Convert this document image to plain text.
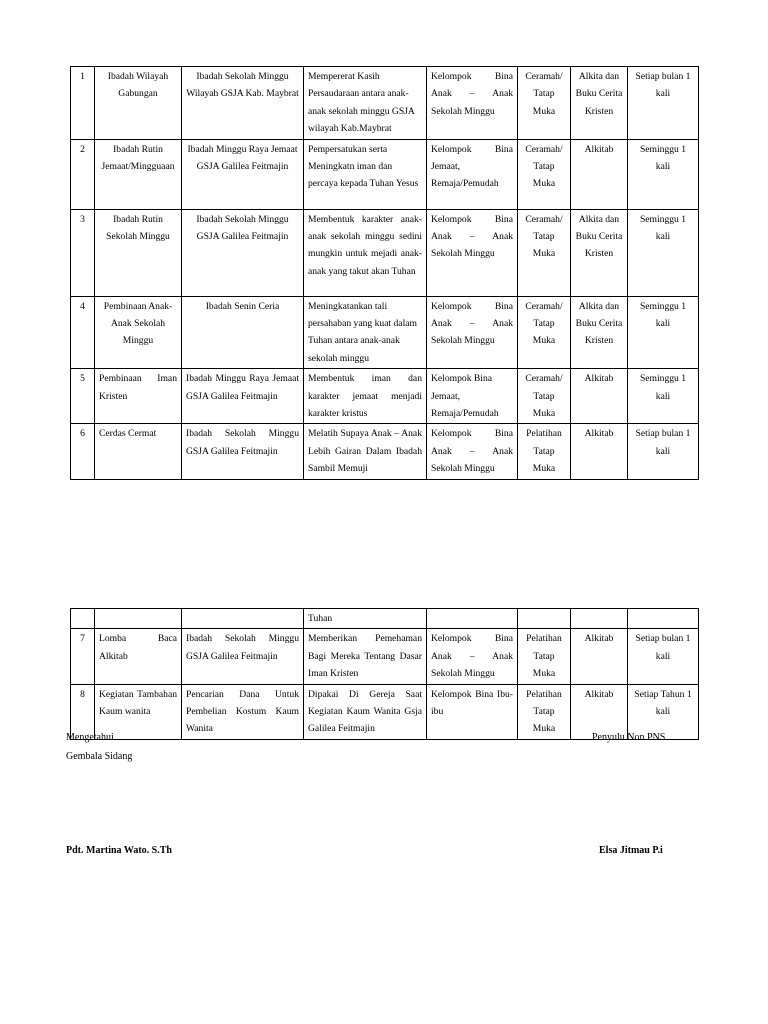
1	Ibadah Wilayah Gabungan	Ibadah Sekolah Minggu Wilayah GSJA Kab. Maybrat	Mempererat Kasih Persaudaraan antara anak-anak sekolah minggu GSJA wilayah Kab.Maybrat	Kelompok Bina Anak – Anak Sekolah Minggu	Ceramah/ Tatap Muka	Alkita dan Buku Cerita Kristen	Setiap bulan 1 kali
2	Ibadah Rutin Jemaat/Mingguaan	Ibadah Minggu Raya Jemaat GSJA Galilea Feitmajin	Pempersatukan serta Meningkatn iman dan percaya kepada Tuhan Yesus	Kelompok Bina Jemaat, Remaja/Pemudah	Ceramah/ Tatap Muka	Alkitab	Seminggu 1 kali
3	Ibadah Rutin Sekolah Minggu	Ibadah Sekolah Minggu GSJA Galilea Feitmajin	Membentuk karakter anak-anak sekolah minggu sedini mungkin untuk mejadi anak-anak yang takut akan Tuhan	Kelompok Bina Anak – Anak Sekolah Minggu	Ceramah/ Tatap Muka	Alkita dan Buku Cerita Kristen	Seminggu 1 kali
4	Pembinaan Anak-Anak Sekolah Minggu	Ibadah Senin Ceria	Meningkatankan tali persahaban yang kuat dalam Tuhan antara anak-anak sekolah minggu	Kelompok Bina Anak – Anak Sekolah Minggu	Ceramah/ Tatap Muka	Alkita dan Buku Cerita Kristen	Seminggu 1 kali
5	Pembinaan Iman Kristen	Ibadah Minggu Raya Jemaat GSJA Galilea Feitmajin	Membentuk iman dan karakter jemaat menjadi karakter kristus	Kelompok Bina Jemaat, Remaja/Pemudah	Ceramah/ Tatap Muka	Alkitab	Seminggu 1 kali
6	Cerdas Cermat	Ibadah Sekolah Minggu GSJA Galilea Feitmajin	Melatih Supaya Anak – Anak Lebih Gairan Dalam Ibadah Sambil Memuji	Kelompok Bina Anak – Anak Sekolah Minggu	Pelatihan Tatap Muka	Alkitab	Setiap bulan 1 kali
			Tuhan				
7	Lomba Baca Alkitab	Ibadah Sekolah Minggu GSJA Galilea Feitmajin	Memberikan Pemehaman Bagi Mereka Tentang Dasar Iman Kristen	Kelompok Bina Anak – Anak Sekolah Minggu	Pelatihan Tatap Muka	Alkitab	Setiap bulan 1 kali
8	Kegiatan Tambahan Kaum wanita	Pencarian Dana Untuk Pembelian Kostum Kaum Wanita	Dipakai Di Gereja Saat Kegiatan Kaum Wanita Gsja Galilea Feitmajin	Kelompok Bina Ibu-ibu	Pelatihan Tatap Muka	Alkitab	Setiap Tahun 1 kali
Mengetahui
Gembala Sidang
Pdt. Martina Wato. S.Th
Penyulu Non PNS
Elsa Jitmau P.i
